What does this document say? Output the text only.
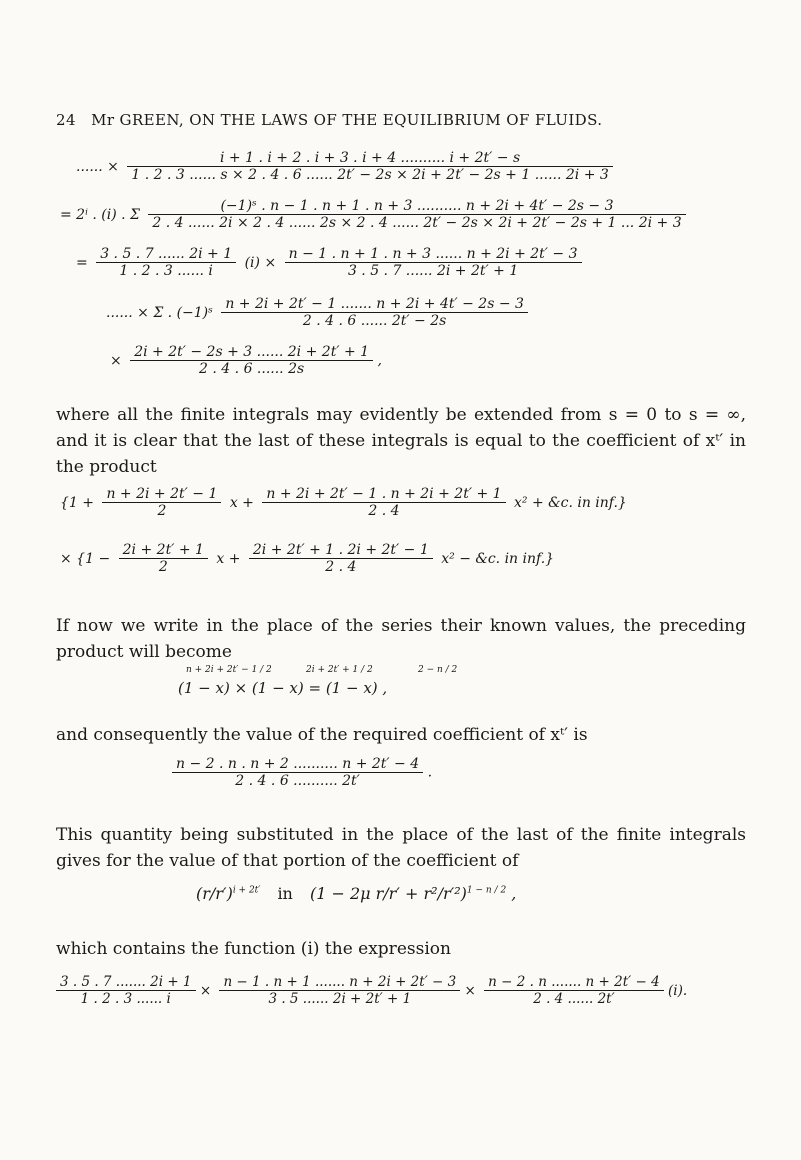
24 Mr GREEN, ON THE LAWS OF THE EQUILIBRIUM OF FLUIDS.
...... ×
i + 1 . i + 2 . i + 3 . i + 4 .......... i + 2t′ − s
1 . 2 . 3 ...... s × 2 . 4 . 6 ...... 2t′ − 2s × 2i + 2t′ − 2s + 1 ...... 2i + 3
= 2ⁱ . (i) . Σ
(−1)ˢ . n − 1 . n + 1 . n + 3 .......... n + 2i + 4t′ − 2s − 3
2 . 4 ...... 2i × 2 . 4 ...... 2s × 2 . 4 ...... 2t′ − 2s × 2i + 2t′ − 2s + 1 ... 2i + 3
= $\frac{3 . 5 . 7 ...... 2i + 1}{1 . 2 . 3 ...... i} (i) \times \frac{n - 1 . n + 1 . n + 3 ...... n + 2i + 2t' - 3}{3 . 5 . 7 ...... 2i + 2t' + 1}$
...... × Σ . (−1)ˢ $\frac{n + 2i + 2t' - 1 ....... n + 2i + 4t' - 2s - 3}{2 . 4 . 6 ...... 2t' - 2s}$
× $\frac{2i + 2t' - 2s + 3 ...... 2i + 2t' + 1}{2 . 4 . 6 ...... 2s}$ ,
where all the finite integrals may evidently be extended from s = 0 to s = ∞, and it is clear that the last of these integrals is equal to the coefficient of xᵗ′ in the product
{$1 + \frac{n + 2i + 2t' - 1}{2}$ $x + \frac{n + 2i + 2t' - 1 . n + 2i + 2t' + 1}{2 . 4} x^2$ + &c. in inf.}
× {$1 - \frac{2i + 2t' + 1}{2}$ $x + \frac{2i + 2t' + 1 . 2i + 2t' - 1}{2 . 4} x^2$ − &c. in inf.}
If now we write in the place of the series their known values, the preceding product will become
n + 2i + 2t′ − 1 / 2	2i + 2t′ + 1 / 2	2 − n / 2
(1 − x) × (1 − x) = (1 − x) ,
and consequently the value of the required coefficient of xᵗ′ is
$\frac{n - 2 . n . n + 2 .......... n + 2t' - 4}{2 . 4 . 6 .......... 2t'}$ .
This quantity being substituted in the place of the last of the finite integrals gives for the value of that portion of the coefficient of
$(r/r')^{i + 2t'}$ in (1 − 2μ r/r′ + r²/r′²)$^{1 - n / 2}$ ,
which contains the function (i) the expression
$\frac{3 . 5 . 7 ....... 2i + 1}{1 . 2 . 3 ...... i} \times \frac{n - 1 . n + 1 ....... n + 2i + 2t' - 3}{3 . 5 ...... 2i + 2t' + 1} \times \frac{n - 2 . n ....... n + 2t' - 4}{2 . 4 ...... 2t'} (i)$.
